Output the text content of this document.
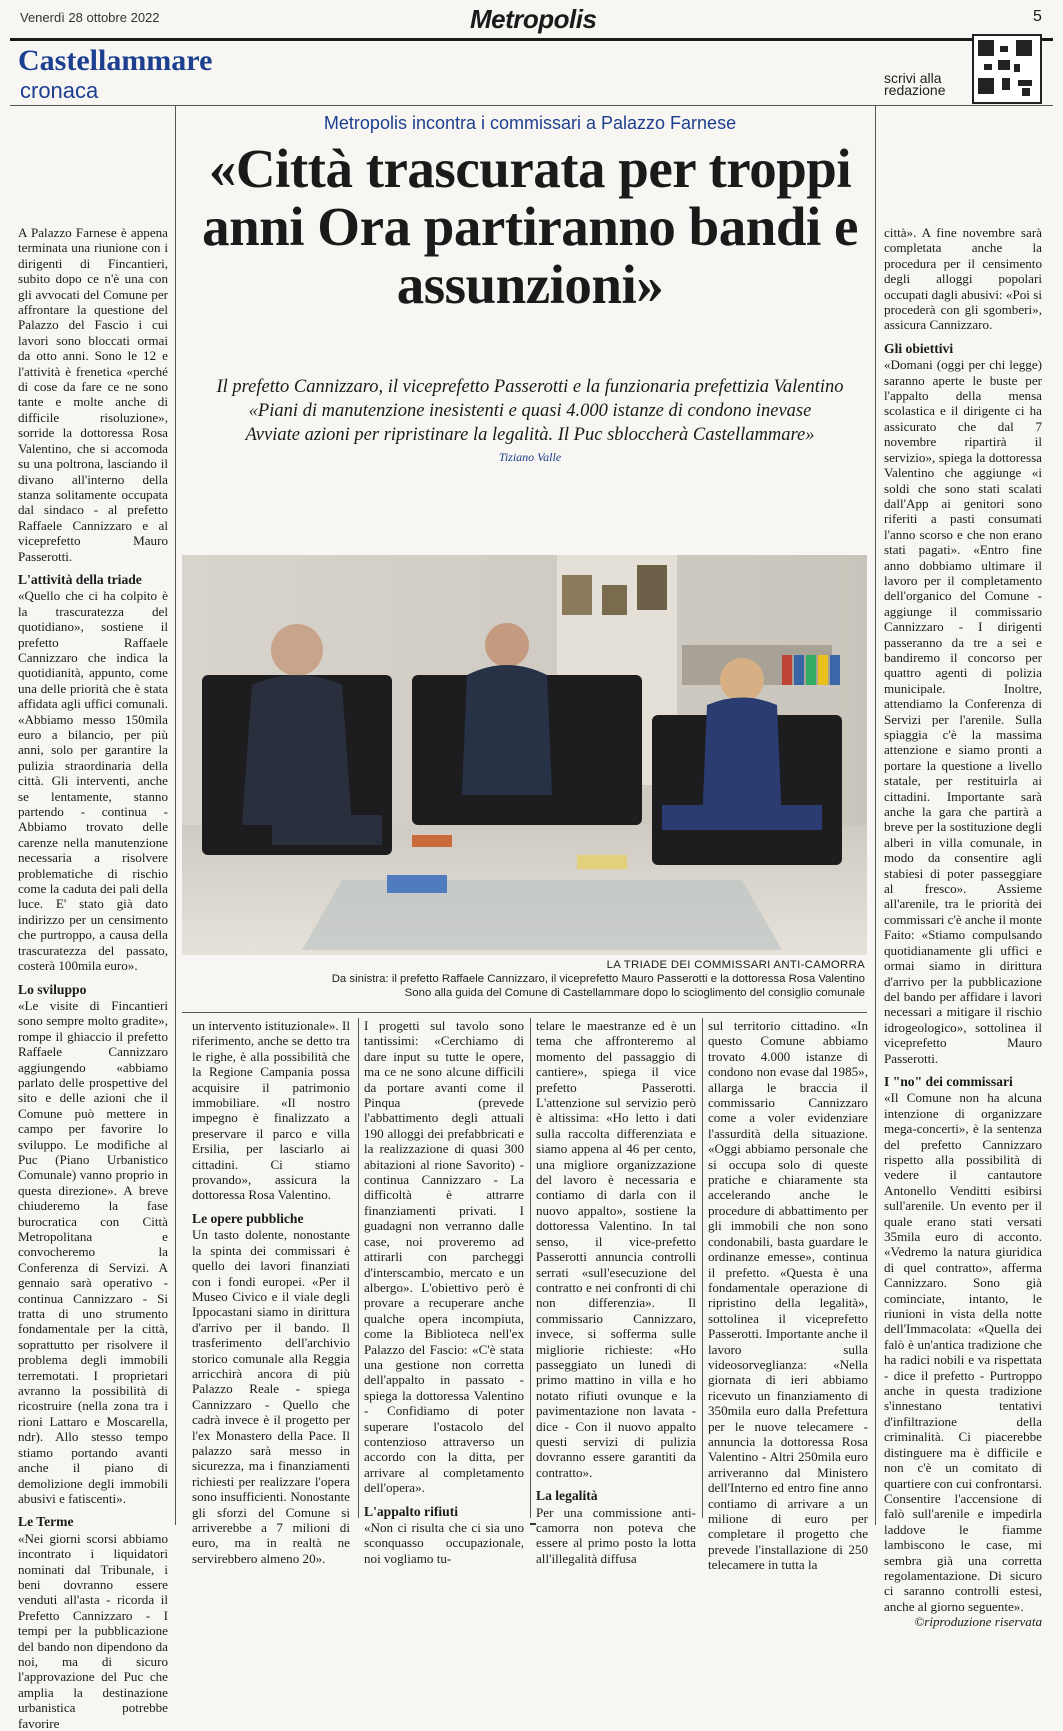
Venerdì 28 ottobre 2022	Metropolis	5
Castellammare
cronaca	scrivi alla redazione
Metropolis incontra i commissari a Palazzo Farnese
«Città trascurata per troppi anni Ora partiranno bandi e assunzioni»
Il prefetto Cannizzaro, il viceprefetto Passerotti e la funzionaria prefettizia Valentino
«Piani di manutenzione inesistenti e quasi 4.000 istanze di condono inevase
Avviate azioni per ripristinare la legalità. Il Puc sbloccherà Castellammare»
Tiziano Valle
LA TRIADE DEI COMMISSARI ANTI-CAMORRA
Da sinistra: il prefetto Raffaele Cannizzaro, il viceprefetto Mauro Passerotti e la dottoressa Rosa Valentino
Sono alla guida del Comune di Castellammare dopo lo scioglimento del consiglio comunale

A Palazzo Farnese è appena terminata una riunione con i dirigenti di Fincantieri, subito dopo ce n'è una con gli avvocati del Comune per affrontare la questione del Palazzo del Fascio i cui lavori sono bloccati ormai da otto anni. Sono le 12 e l'attività è frenetica «perché di cose da fare ce ne sono tante e molte anche di difficile risoluzione», sorride la dottoressa Rosa Valentino, che si accomoda su una poltrona, lasciando il divano all'interno della stanza solitamente occupata dal sindaco - al prefetto Raffaele Cannizzaro e al viceprefetto Mauro Passerotti.

L'attività della triade

«Quello che ci ha colpito è la trascuratezza del quotidiano», sostiene il prefetto Raffaele Cannizzaro che indica la quotidianità, appunto, come una delle priorità che è stata affidata agli uffici comunali. «Abbiamo messo 150mila euro a bilancio, per più anni, solo per garantire la pulizia straordinaria della città. Gli interventi, anche se lentamente, stanno partendo - continua - Abbiamo trovato delle carenze nella manutenzione necessaria a risolvere problematiche di rischio come la caduta dei pali della luce. E' stato già dato indirizzo per un censimento che purtroppo, a causa della trascuratezza del passato, costerà 100mila euro».

Lo sviluppo

«Le visite di Fincantieri sono sempre molto gradite», rompe il ghiaccio il prefetto Raffaele Cannizzaro aggiungendo «abbiamo parlato delle prospettive del sito e delle azioni che il Comune può mettere in campo per favorire lo sviluppo. Le modifiche al Puc (Piano Urbanistico Comunale) vanno proprio in questa direzione». A breve chiuderemo la fase burocratica con Città Metropolitana e convocheremo la Conferenza di Servizi. A gennaio sarà operativo - continua Cannizzaro - Si tratta di uno strumento fondamentale per la città, soprattutto per risolvere il problema degli immobili terremotati. I proprietari avranno la possibilità di ricostruire (nella zona tra i rioni Lattaro e Moscarella, ndr). Allo stesso tempo stiamo portando avanti anche il piano di demolizione degli immobili abusivi e fatiscenti».

Le Terme

«Nei giorni scorsi abbiamo incontrato i liquidatori nominati dal Tribunale, i beni dovranno essere venduti all'asta - ricorda il Prefetto Cannizzaro - I tempi per la pubblicazione del bando non dipendono da noi, ma di sicuro l'approvazione del Puc che amplia la destinazione urbanistica potrebbe favorire

un intervento istituzionale». Il riferimento, anche se detto tra le righe, è alla possibilità che la Regione Campania possa acquisire il patrimonio immobiliare. «Il nostro impegno è finalizzato a preservare il parco e villa Ersilia, per lasciarlo ai cittadini. Ci stiamo provando», assicura la dottoressa Rosa Valentino.

Le opere pubbliche

Un tasto dolente, nonostante la spinta dei commissari è quello dei lavori finanziati con i fondi europei. «Per il Museo Civico e il viale degli Ippocastani siamo in dirittura d'arrivo per il bando. Il trasferimento dell'archivio storico comunale alla Reggia arricchirà ancora di più Palazzo Reale - spiega Cannizzaro - Quello che cadrà invece è il progetto per l'ex Monastero della Pace. Il palazzo sarà messo in sicurezza, ma i finanziamenti richiesti per realizzare l'opera sono insufficienti. Nonostante gli sforzi del Comune si arriverebbe a 7 milioni di euro, ma in realtà ne servirebbero almeno 20».

I progetti sul tavolo sono tantissimi: «Cerchiamo di dare input su tutte le opere, ma ce ne sono alcune difficili da portare avanti come il Pinqua (prevede l'abbattimento degli attuali 190 alloggi dei prefabbricati e la realizzazione di quasi 300 abitazioni al rione Savorito) - continua Cannizzaro - La difficoltà è attrarre finanziamenti privati. I guadagni non verranno dalle case, noi proveremo ad attirarli con parcheggi d'interscambio, mercato e un albergo». L'obiettivo però è provare a recuperare anche qualche opera incompiuta, come la Biblioteca nell'ex Palazzo del Fascio: «C'è stata una gestione non corretta dell'appalto in passato - spiega la dottoressa Valentino - Confidiamo di poter superare l'ostacolo del contenzioso attraverso un accordo con la ditta, per arrivare al completamento dell'opera».

L'appalto rifiuti

«Non ci risulta che ci sia uno sconquasso occupazionale, noi vogliamo tu-

telare le maestranze ed è un tema che affronteremo al momento del passaggio di cantiere», spiega il vice prefetto Passerotti. L'attenzione sul servizio però è altissima: «Ho letto i dati sulla raccolta differenziata e siamo appena al 46 per cento, una migliore organizzazione del lavoro è necessaria e contiamo di darla con il nuovo appalto», sostiene la dottoressa Valentino. In tal senso, il vice-prefetto Passerotti annuncia controlli serrati «sull'esecuzione del contratto e nei confronti di chi non differenzia». Il commissario Cannizzaro, invece, si sofferma sulle migliorie richieste: «Ho passeggiato un lunedì di primo mattino in villa e ho notato rifiuti ovunque e la pavimentazione non lavata - dice - Con il nuovo appalto questi servizi di pulizia dovranno essere garantiti da contratto».

La legalità

Per una commissione anti-camorra non poteva che essere al primo posto la lotta all'illegalità diffusa

sul territorio cittadino. «In questo Comune abbiamo trovato 4.000 istanze di condono non evase dal 1985», allarga le braccia il commissario Cannizzaro come a voler evidenziare l'assurdità della situazione. «Oggi abbiamo personale che si occupa solo di queste pratiche e chiaramente sta accelerando anche le procedure di abbattimento per gli immobili che non sono condonabili, basta guardare le ordinanze emesse», continua il prefetto. «Questa è una fondamentale operazione di ripristino della legalità», sottolinea il viceprefetto Passerotti. Importante anche il lavoro sulla videosorveglianza: «Nella giornata di ieri abbiamo ricevuto un finanziamento di 350mila euro dalla Prefettura per le nuove telecamere - annuncia la dottoressa Rosa Valentino - Altri 250mila euro arriveranno dal Ministero dell'Interno ed entro fine anno contiamo di arrivare a un milione di euro per completare il progetto che prevede l'installazione di 250 telecamere in tutta la

città». A fine novembre sarà completata anche la procedura per il censimento degli alloggi popolari occupati dagli abusivi: «Poi si procederà con gli sgomberi», assicura Cannizzaro.

Gli obiettivi

«Domani (oggi per chi legge) saranno aperte le buste per l'appalto della mensa scolastica e il dirigente ci ha assicurato che dal 7 novembre ripartirà il servizio», spiega la dottoressa Valentino che aggiunge «i soldi che sono stati scalati dall'App ai genitori sono riferiti a pasti consumati l'anno scorso e che non erano stati pagati». «Entro fine anno dobbiamo ultimare il lavoro per il completamento dell'organico del Comune - aggiunge il commissario Cannizzaro - I dirigenti passeranno da tre a sei e bandiremo il concorso per quattro agenti di polizia municipale. Inoltre, attendiamo la Conferenza di Servizi per l'arenile. Sulla spiaggia c'è la massima attenzione e siamo pronti a portare la questione a livello statale, per restituirla ai cittadini. Importante sarà anche la gara che partirà a breve per la sostituzione degli alberi in villa comunale, in modo da consentire agli stabiesi di poter passeggiare al fresco». Assieme all'arenile, tra le priorità dei commissari c'è anche il monte Faito: «Stiamo compulsando quotidianamente gli uffici e ormai siamo in dirittura d'arrivo per la pubblicazione del bando per affidare i lavori necessari a mitigare il rischio idrogeologico», sottolinea il viceprefetto Mauro Passerotti.

I "no" dei commissari

«Il Comune non ha alcuna intenzione di organizzare mega-concerti», è la sentenza del prefetto Cannizzaro rispetto alla possibilità di vedere il cantautore Antonello Venditti esibirsi sull'arenile. Un evento per il quale erano stati versati 35mila euro di acconto. «Vedremo la natura giuridica di quel contratto», afferma Cannizzaro. Sono già cominciate, intanto, le riunioni in vista della notte dell'Immacolata: «Quella dei falò è un'antica tradizione che ha radici nobili e va rispettata - dice il prefetto - Purtroppo anche in questa tradizione s'innestano tentativi d'infiltrazione della criminalità. Ci piacerebbe distinguere ma è difficile e non c'è un comitato di quartiere con cui confrontarsi. Consentire l'accensione di falò sull'arenile e impedirla laddove le fiamme lambiscono le case, mi sembra già una corretta regolamentazione. Di sicuro ci saranno controlli estesi, anche al giorno seguente».

©riproduzione riservata
